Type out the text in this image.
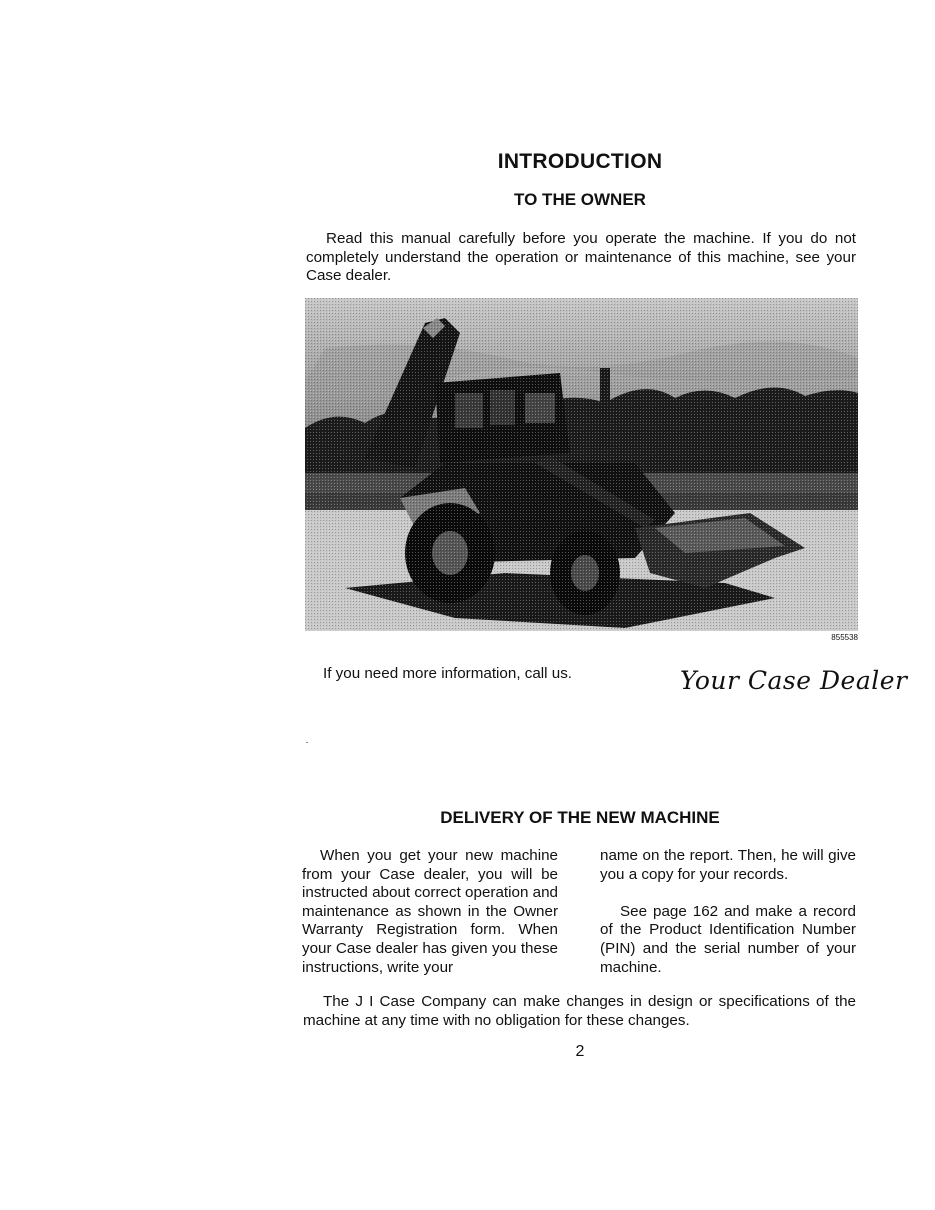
INTRODUCTION
TO THE OWNER
Read this manual carefully before you operate the machine. If you do not completely understand the operation or maintenance of this machine, see your Case dealer.
855538
If you need more information, call us.	Your Case Dealer
DELIVERY OF THE NEW MACHINE

When you get your new machine from your Case dealer, you will be instructed about correct operation and maintenance as shown in the Owner Warranty Registration form. When your Case dealer has given you these instructions, write your

name on the report. Then, he will give you a copy for your records.

See page 162 and make a record of the Product Identification Number (PIN) and the serial number of your machine.

The J I Case Company can make changes in design or specifications of the machine at any time with no obligation for these changes.
2
